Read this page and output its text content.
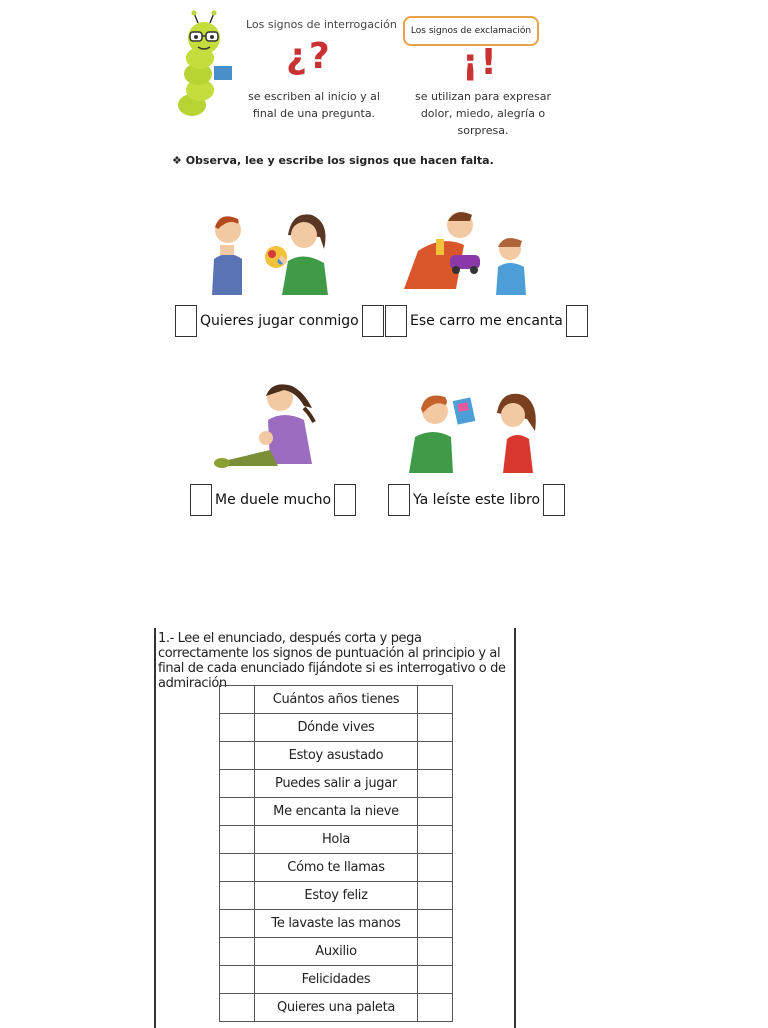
Los signos de interrogación
¿?
se escriben al inicio y al final de una pregunta.
Los signos de exclamación
¡!
se utilizan para expresar dolor, miedo, alegría o sorpresa.
❖ Observa, lee y escribe los signos que hacen falta.
Quieres jugar conmigo	Ese carro me encanta
Me duele mucho	Ya leíste este libro
1.- Lee el enunciado, después corta y pega correctamente los signos de puntuación al principio y al final de cada enunciado fijándote si es interrogativo o de admiración
	Cuántos años tienes	
	Dónde vives	
	Estoy asustado	
	Puedes salir a jugar	
	Me encanta la nieve	
	Hola	
	Cómo te llamas	
	Estoy feliz	
	Te lavaste las manos	
	Auxilio	
	Felicidades	
	Quieres una paleta	
